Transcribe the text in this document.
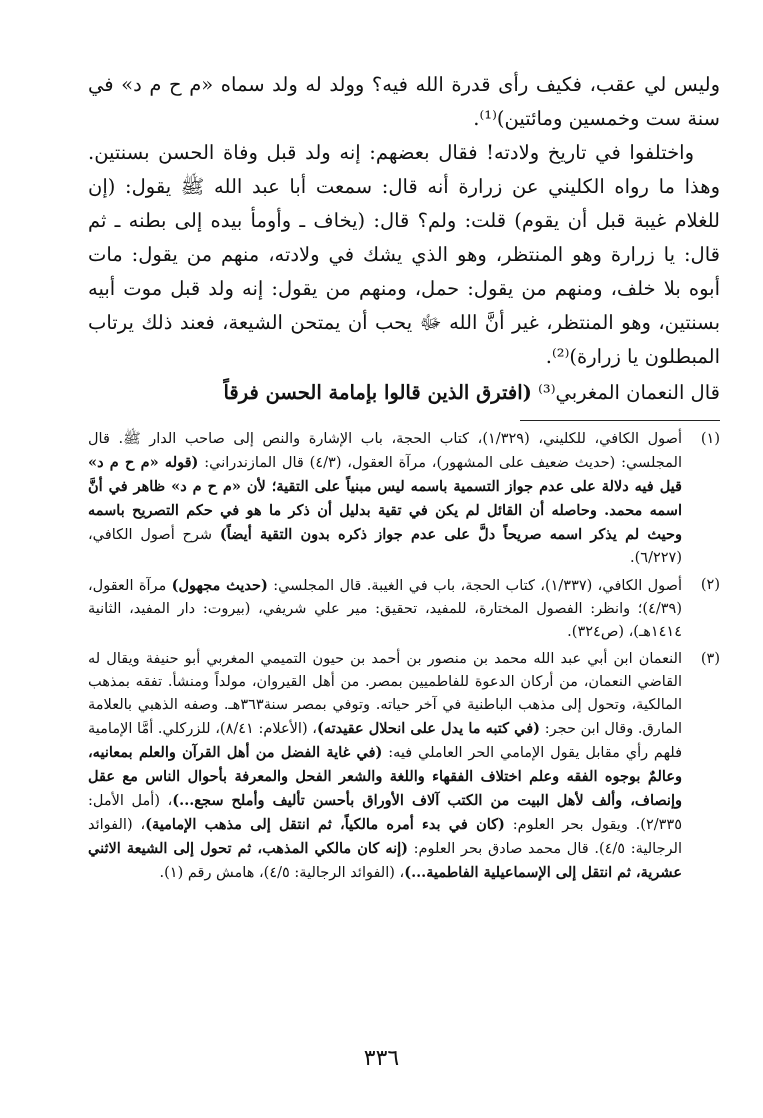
وليس لي عقب، فكيف رأى قدرة الله فيه؟ وولد له ولد سماه «م ح م د» في سنة ست وخمسين ومائتين)⁽¹⁾.

واختلفوا في تاريخ ولادته! فقال بعضهم: إنه ولد قبل وفاة الحسن بسنتين. وهذا ما رواه الكليني عن زرارة أنه قال: سمعت أبا عبد الله ﷺ يقول: (إن للغلام غيبة قبل أن يقوم) قلت: ولم؟ قال: (يخاف ـ وأومأ بيده إلى بطنه ـ ثم قال: يا زرارة وهو المنتظر، وهو الذي يشك في ولادته، منهم من يقول: مات أبوه بلا خلف، ومنهم من يقول: حمل، ومنهم من يقول: إنه ولد قبل موت أبيه بسنتين، وهو المنتظر، غير أنَّ الله ﷻ يحب أن يمتحن الشيعة، فعند ذلك يرتاب المبطلون يا زرارة)⁽²⁾.

قال النعمان المغربي⁽³⁾ (افترق الذين قالوا بإمامة الحسن فرقاً
(١)
أصول الكافي، للكليني، (١/٣٢٩)، كتاب الحجة، باب الإشارة والنص إلى صاحب الدار ﷺ. قال المجلسي: (حديث ضعيف على المشهور)، مرآة العقول، (٤/٣) قال المازندراني: (قوله «م ح م د» قيل فيه دلالة على عدم جواز التسمية باسمه ليس مبنياً على التقية؛ لأن «م ح م د» ظاهر في أنَّ اسمه محمد. وحاصله أن القائل لم يكن في تقية بدليل أن ذكر ما هو في حكم التصريح باسمه وحيث لم يذكر اسمه صريحاً دلَّ على عدم جواز ذكره بدون التقية أيضاً) شرح أصول الكافي، (٦/٢٢٧).
(٢)
أصول الكافي، (١/٣٣٧)، كتاب الحجة، باب في الغيبة. قال المجلسي: (حديث مجهول) مرآة العقول، (٤/٣٩)؛ وانظر: الفصول المختارة، للمفيد، تحقيق: مير علي شريفي، (بيروت: دار المفيد، الثانية ١٤١٤هـ)، (ص٣٢٤).
(٣)
النعمان ابن أبي عبد الله محمد بن منصور بن أحمد بن حيون التميمي المغربي أبو حنيفة ويقال له القاضي النعمان، من أركان الدعوة للفاطميين بمصر. من أهل القيروان، مولداً ومنشأ. تفقه بمذهب المالكية، وتحول إلى مذهب الباطنية في آخر حياته. وتوفي بمصر سنة٣٦٣هـ. وصفه الذهبي بالعلامة المارق. وقال ابن حجر: (في كتبه ما يدل على انحلال عقيدته)، (الأعلام: ٨/٤١)، للزركلي. أمَّا الإمامية فلهم رأي مقابل يقول الإمامي الحر العاملي فيه: (في غاية الفضل من أهل القرآن والعلم بمعانيه، وعالمٌ بوجوه الفقه وعلم اختلاف الفقهاء واللغة والشعر الفحل والمعرفة بأحوال الناس مع عقل وإنصاف، وألف لأهل البيت من الكتب آلاف الأوراق بأحسن تأليف وأملح سجع...)، (أمل الأمل: ٢/٣٣٥). ويقول بحر العلوم: (كان في بدء أمره مالكياً، ثم انتقل إلى مذهب الإمامية)، (الفوائد الرجالية: ٤/٥). قال محمد صادق بحر العلوم: (إنه كان مالكي المذهب، ثم تحول إلى الشيعة الاثني عشرية، ثم انتقل إلى الإسماعيلية الفاطمية...)، (الفوائد الرجالية: ٤/٥)، هامش رقم (١).
٣٣٦
